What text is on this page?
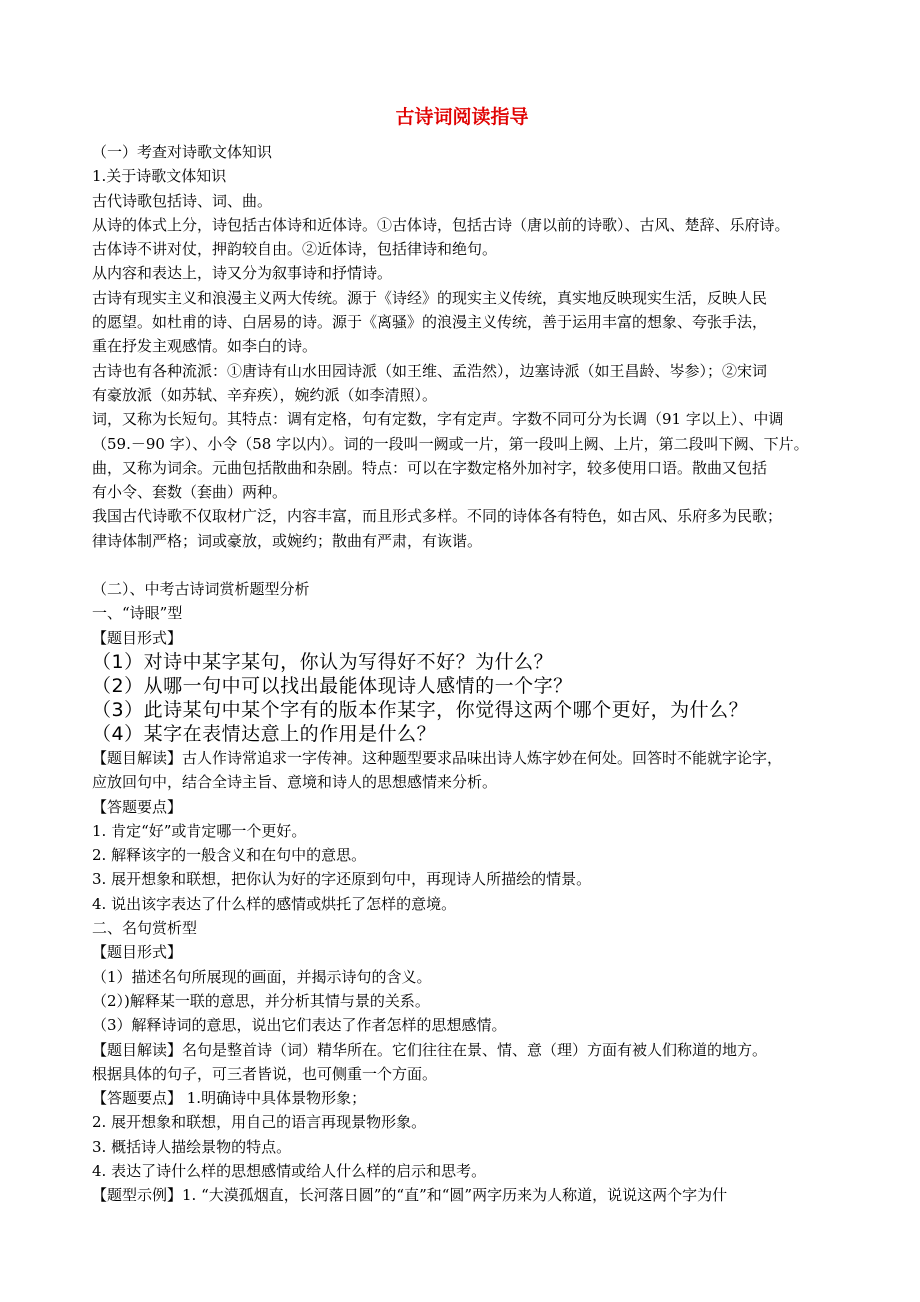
古诗词阅读指导

（一）考查对诗歌文体知识

1.关于诗歌文体知识

古代诗歌包括诗、词、曲。

从诗的体式上分，诗包括古体诗和近体诗。①古体诗，包括古诗（唐以前的诗歌）、古风、楚辞、乐府诗。

古体诗不讲对仗，押韵较自由。②近体诗，包括律诗和绝句。

从内容和表达上，诗又分为叙事诗和抒情诗。

古诗有现实主义和浪漫主义两大传统。源于《诗经》的现实主义传统，真实地反映现实生活，反映人民

的愿望。如杜甫的诗、白居易的诗。源于《离骚》的浪漫主义传统，善于运用丰富的想象、夸张手法，

重在抒发主观感情。如李白的诗。

古诗也有各种流派：①唐诗有山水田园诗派（如王维、孟浩然），边塞诗派（如王昌龄、岑参）；②宋词

有豪放派（如苏轼、辛弃疾），婉约派（如李清照）。

词，又称为长短句。其特点：调有定格，句有定数，字有定声。字数不同可分为长调（91 字以上）、中调

（59.－90 字）、小令（58 字以内）。词的一段叫一阙或一片，第一段叫上阙、上片，第二段叫下阙、下片。

曲，又称为词余。元曲包括散曲和杂剧。特点：可以在字数定格外加衬字，较多使用口语。散曲又包括

有小令、套数（套曲）两种。

我国古代诗歌不仅取材广泛，内容丰富，而且形式多样。不同的诗体各有特色，如古风、乐府多为民歌；

律诗体制严格；词或豪放，或婉约；散曲有严肃，有诙谐。

（二）、中考古诗词赏析题型分析

一、“诗眼”型

【题目形式】

（1）对诗中某字某句，你认为写得好不好？为什么？

（2）从哪一句中可以找出最能体现诗人感情的一个字？

（3）此诗某句中某个字有的版本作某字，你觉得这两个哪个更好，为什么？

（4）某字在表情达意上的作用是什么？

【题目解读】古人作诗常追求一字传神。这种题型要求品味出诗人炼字妙在何处。回答时不能就字论字，

应放回句中，结合全诗主旨、意境和诗人的思想感情来分析。

【答题要点】

1. 肯定“好”或肯定哪一个更好。

2. 解释该字的一般含义和在句中的意思。

3. 展开想象和联想，把你认为好的字还原到句中，再现诗人所描绘的情景。

4. 说出该字表达了什么样的感情或烘托了怎样的意境。

二、名句赏析型

【题目形式】

（1）描述名句所展现的画面，并揭示诗句的含义。

（2）)解释某一联的意思，并分析其情与景的关系。

（3）解释诗词的意思，说出它们表达了作者怎样的思想感情。

【题目解读】名句是整首诗（词）精华所在。它们往往在景、情、意（理）方面有被人们称道的地方。

根据具体的句子，可三者皆说，也可侧重一个方面。

【答题要点】 1.明确诗中具体景物形象；

2. 展开想象和联想，用自己的语言再现景物形象。

3. 概括诗人描绘景物的特点。

4. 表达了诗什么样的思想感情或给人什么样的启示和思考。

【题型示例】1. “大漠孤烟直，长河落日圆”的“直”和“圆”两字历来为人称道，说说这两个字为什
